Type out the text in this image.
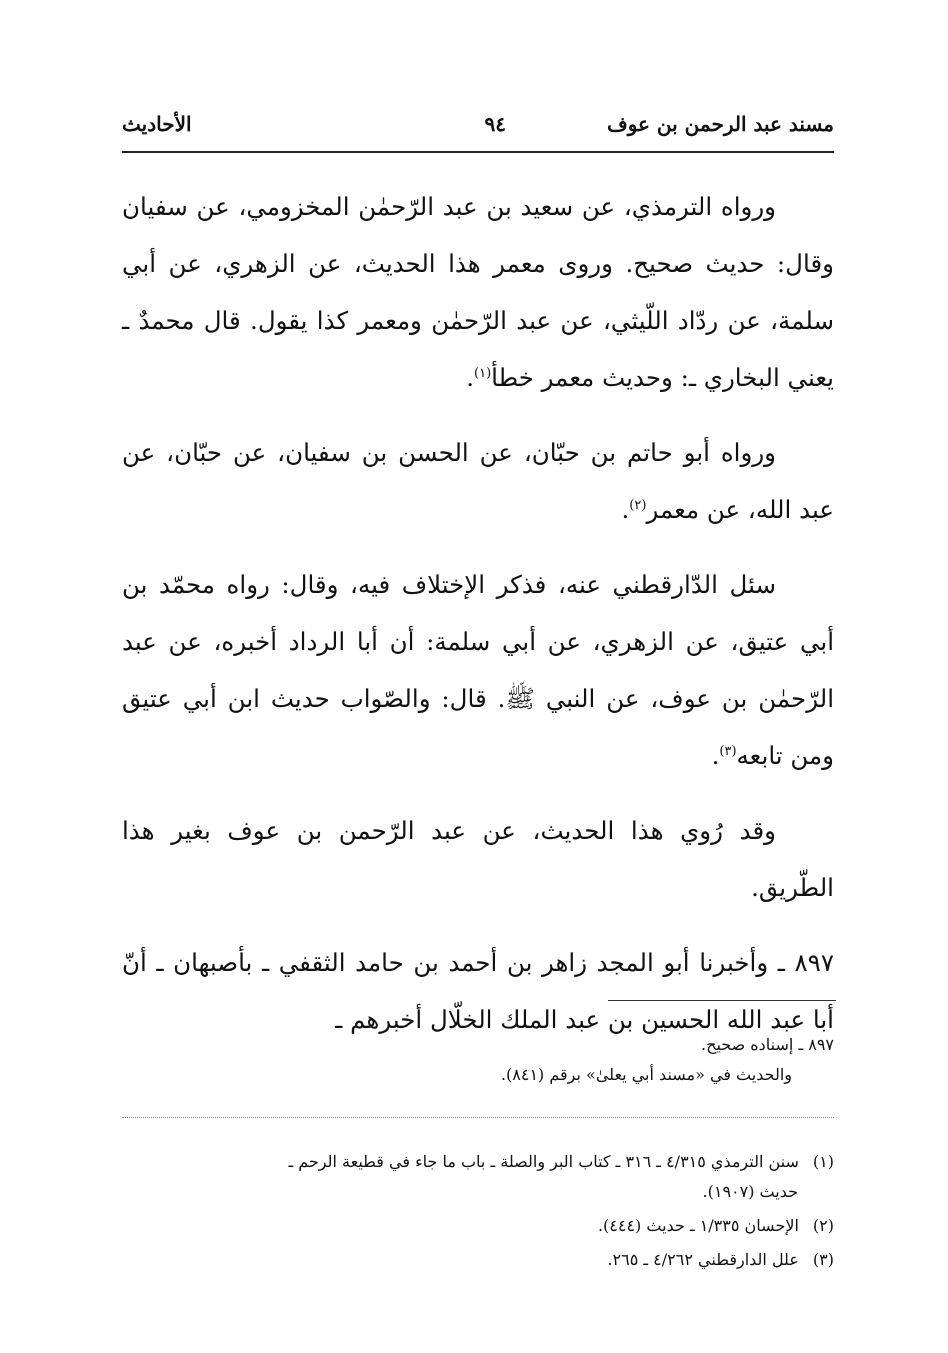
مسند عبد الرحمن بن عوف
٩٤
الأحاديث

ورواه الترمذي، عن سعيد بن عبد الرّحمٰن المخزومي، عن سفيان وقال: حديث صحيح. وروى معمر هذا الحديث، عن الزهري، عن أبي سلمة، عن ردّاد اللّيثي، عن عبد الرّحمٰن ومعمر كذا يقول. قال محمدٌ ـ يعني البخاري ـ: وحديث معمر خطأ$^{(١)}$.

ورواه أبو حاتم بن حبّان، عن الحسن بن سفيان، عن حبّان، عن عبد الله، عن معمر$^{(٢)}$.

سئل الدّارقطني عنه، فذكر الإختلاف فيه، وقال: رواه محمّد بن أبي عتيق، عن الزهري، عن أبي سلمة: أن أبا الرداد أخبره، عن عبد الرّحمٰن بن عوف، عن النبي ﷺ. قال: والصّواب حديث ابن أبي عتيق ومن تابعه$^{(٣)}$.

وقد رُوي هذا الحديث، عن عبد الرّحمن بن عوف بغير هذا الطّريق.

٨٩٧ ـ وأخبرنا أبو المجد زاهر بن أحمد بن حامد الثقفي ـ بأصبهان ـ أنّ أبا عبد الله الحسين بن عبد الملك الخلّال أخبرهم ـ

٨٩٧ ـ إسناده صحيح.

والحديث في «مسند أبي يعلىٰ» برقم (٨٤١).

(١) سنن الترمذي ٤/٣١٥ ـ ٣١٦ ـ كتاب البر والصلة ـ باب ما جاء في قطيعة الرحم ـ
حديث (١٩٠٧).
(٢) الإحسان ١/٣٣٥ ـ حديث (٤٤٤).
(٣) علل الدارقطني ٤/٢٦٢ ـ ٢٦٥.
